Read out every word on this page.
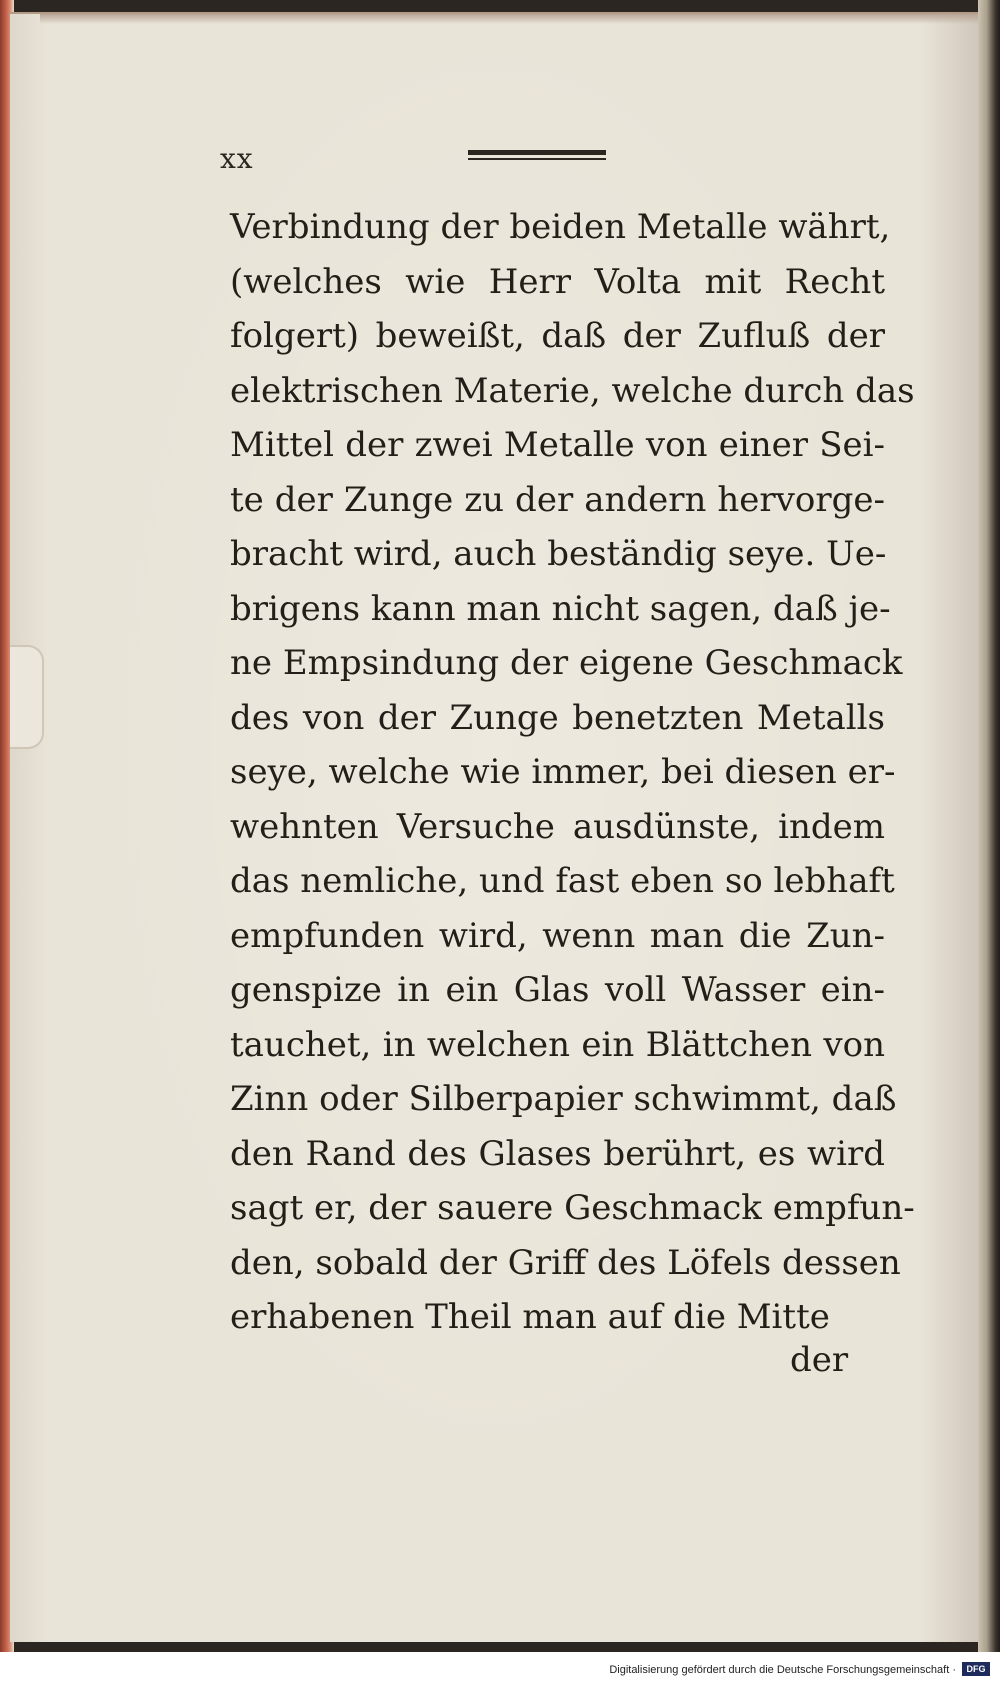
xx
Verbindung der beiden Metalle währt,
(welches wie Herr Volta mit Recht
folgert) beweißt, daß der Zufluß der
elektrischen Materie, welche durch das
Mittel der zwei Metalle von einer Sei-
te der Zunge zu der andern hervorge-
bracht wird, auch beständig seye. Ue-
brigens kann man nicht sagen, daß je-
ne Empsindung der eigene Geschmack
des von der Zunge benetzten Metalls
seye, welche wie immer, bei diesen er-
wehnten Versuche ausdünste, indem
das nemliche, und fast eben so lebhaft
empfunden wird, wenn man die Zun-
genspize in ein Glas voll Wasser ein-
tauchet, in welchen ein Blättchen von
Zinn oder Silberpapier schwimmt, daß
den Rand des Glases berührt, es wird
sagt er, der sauere Geschmack empfun-
den, sobald der Griff des Löfels dessen
erhabenen Theil man auf die Mitte
der
Digitalisierung gefördert durch die Deutsche Forschungsgemeinschaft ·	DFG
